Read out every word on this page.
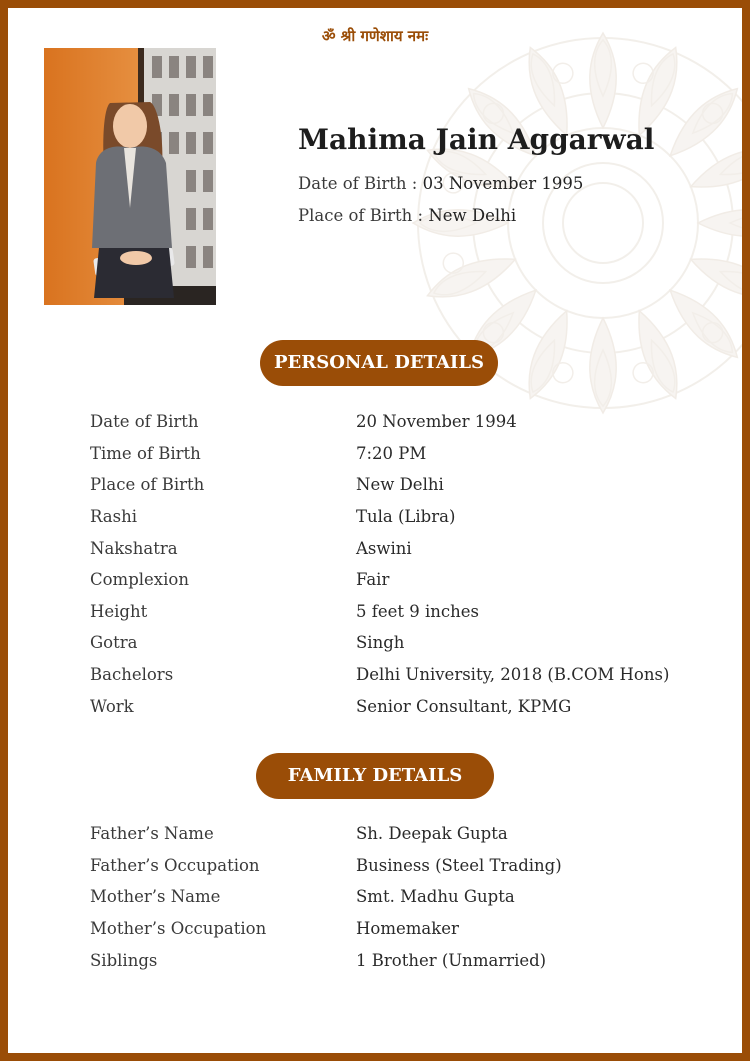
ॐ श्री गणेशाय नमः
Mahima Jain Aggarwal
Date of Birth : 03 November 1995
Place of Birth : New Delhi
PERSONAL DETAILS
Date of Birth	20 November 1994
Time of Birth	7:20 PM
Place of Birth	New Delhi
Rashi	Tula (Libra)
Nakshatra	Aswini
Complexion	Fair
Height	5 feet 9 inches
Gotra	Singh
Bachelors	Delhi University, 2018 (B.COM Hons)
Work	Senior Consultant, KPMG
FAMILY DETAILS
Father’s Name	Sh. Deepak Gupta
Father’s Occupation	Business (Steel Trading)
Mother’s Name	Smt. Madhu Gupta
Mother’s Occupation	Homemaker
Siblings	1 Brother (Unmarried)
